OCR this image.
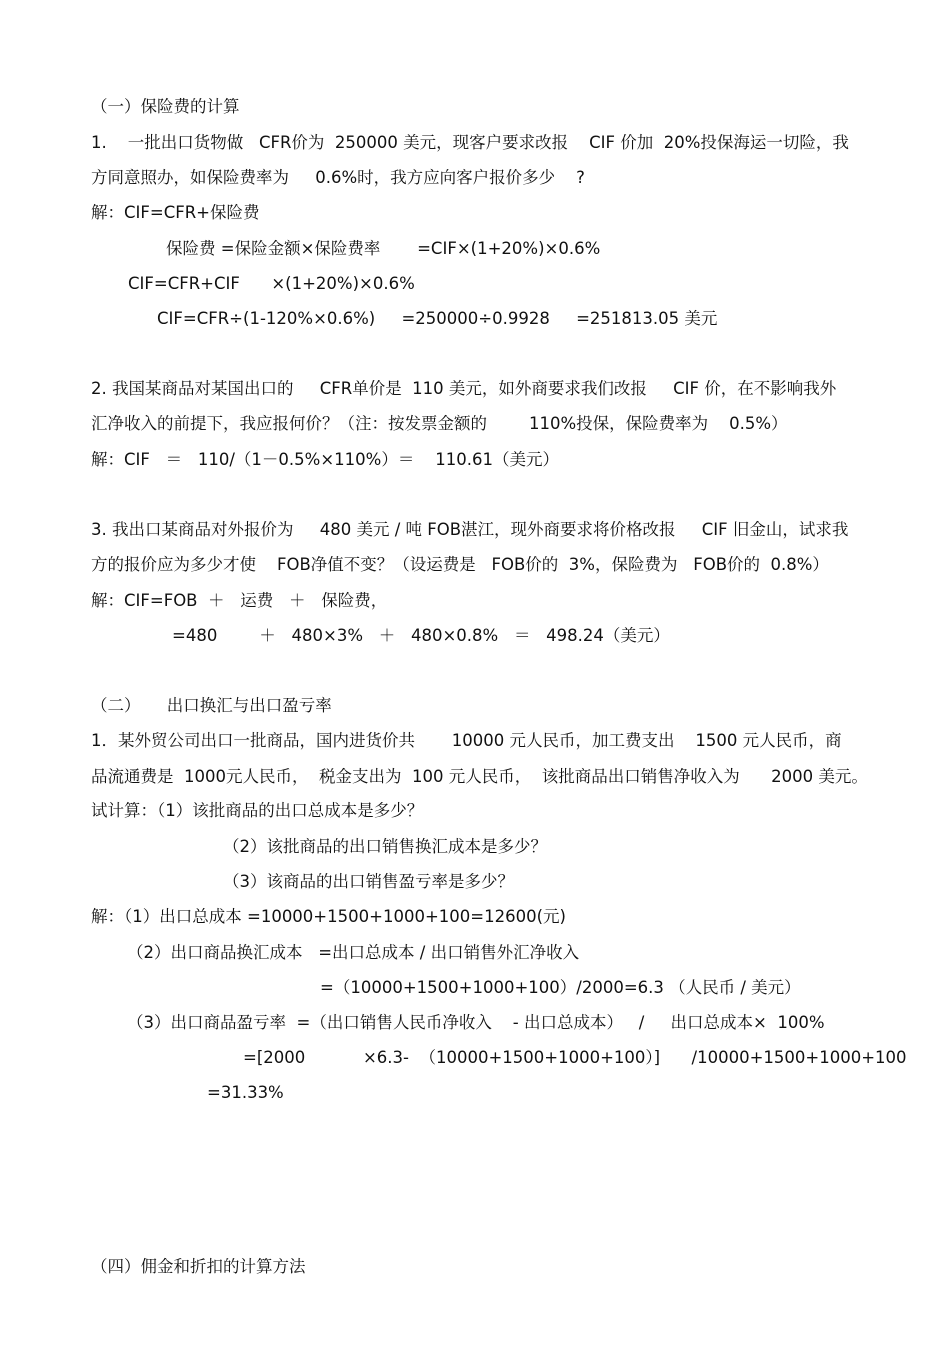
（一）保险费的计算
1.    一批出口货物做   CFR价为  250000 美元，现客户要求改报    CIF 价加  20%投保海运一切险，我
方同意照办，如保险费率为     0.6%时，我方应向客户报价多少    ?
解：CIF=CFR+保险费
保险费 =保险金额×保险费率       =CIF×(1+20%)×0.6%
CIF=CFR+CIF      ×(1+20%)×0.6%
CIF=CFR÷(1-120%×0.6%)     =250000÷0.9928     =251813.05 美元
2. 我国某商品对某国出口的     CFR单价是  110 美元，如外商要求我们改报     CIF 价，在不影响我外
汇净收入的前提下，我应报何价？（注：按发票金额的        110%投保，保险费率为    0.5%）
解：CIF   ＝   110/（1－0.5%×110%）＝    110.61（美元）
3. 我出口某商品对外报价为     480 美元 / 吨 FOB湛江，现外商要求将价格改报     CIF 旧金山，试求我
方的报价应为多少才使    FOB净值不变？（设运费是   FOB价的  3%，保险费为   FOB价的  0.8%）
解：CIF=FOB  ＋   运费   ＋   保险费，
=480        ＋   480×3%   ＋   480×0.8%   ＝   498.24（美元）
（二）     出口换汇与出口盈亏率
1．某外贸公司出口一批商品，国内进货价共       10000 元人民币，加工费支出    1500 元人民币，商
品流通费是  1000元人民币，  税金支出为  100 元人民币，  该批商品出口销售净收入为      2000 美元。
试计算：（1）该批商品的出口总成本是多少？
（2）该批商品的出口销售换汇成本是多少？
（3）该商品的出口销售盈亏率是多少？
解：（1）出口总成本 =10000+1500+1000+100=12600(元)
（2）出口商品换汇成本   =出口总成本 / 出口销售外汇净收入
=（10000+1500+1000+100）/2000=6.3 （人民币 / 美元）
（3）出口商品盈亏率  =（出口销售人民币净收入    - 出口总成本）   /     出口总成本×  100%
=[2000           ×6.3-  （10000+1500+1000+100）]      /10000+1500+1000+100
=31.33%
（四）佣金和折扣的计算方法
